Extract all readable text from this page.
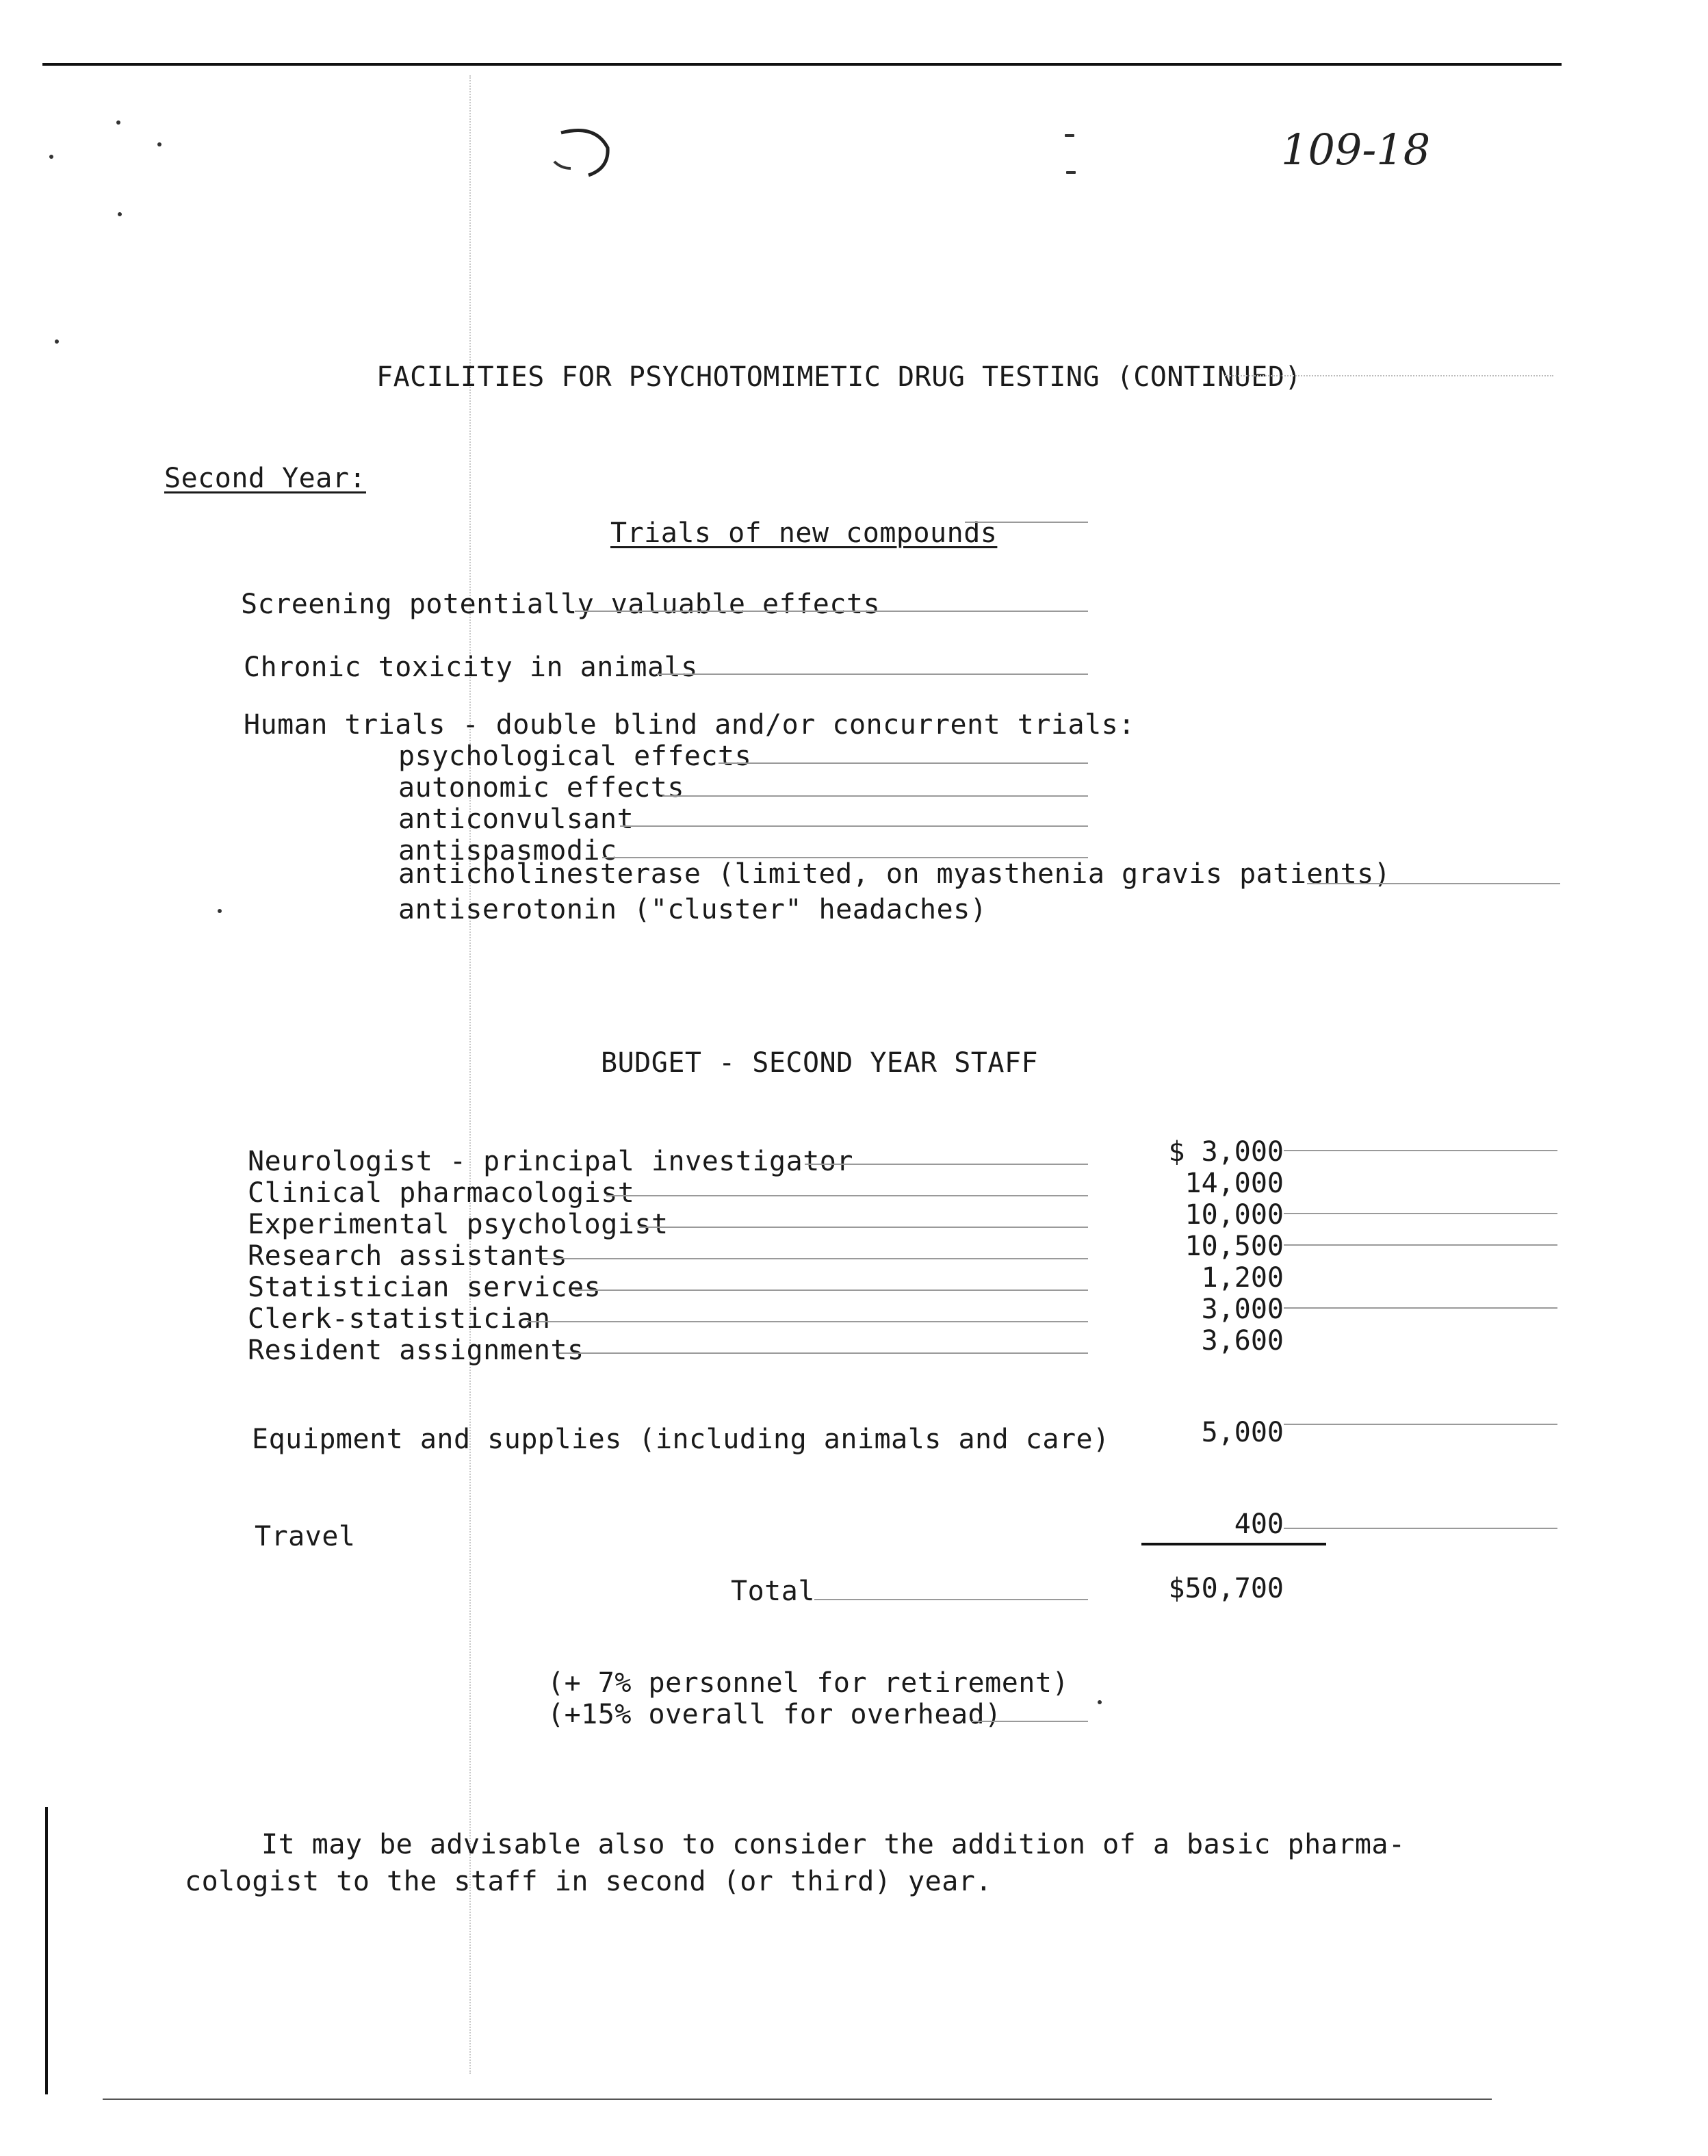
109-18
FACILITIES FOR PSYCHOTOMIMETIC DRUG TESTING (CONTINUED)
Second Year:
Trials of new compounds
Screening potentially valuable effects
Chronic toxicity in animals
Human trials - double blind and/or concurrent trials:
psychological effects
autonomic effects
anticonvulsant
antispasmodic
anticholinesterase (limited, on myasthenia gravis patients)
antiserotonin ("cluster" headaches)
BUDGET - SECOND YEAR STAFF
Neurologist - principal investigator	$ 3,000
Clinical pharmacologist	14,000
Experimental psychologist	10,000
Research assistants	10,500
Statistician services	1,200
Clerk-statistician	3,000
Resident assignments	3,600
Equipment and supplies (including animals and care)	5,000
Travel	400
Total	$50,700
(+ 7% personnel for retirement)
(+15% overall for overhead)
It may be advisable also to consider the addition of a basic pharma-
cologist to the staff in second (or third) year.
